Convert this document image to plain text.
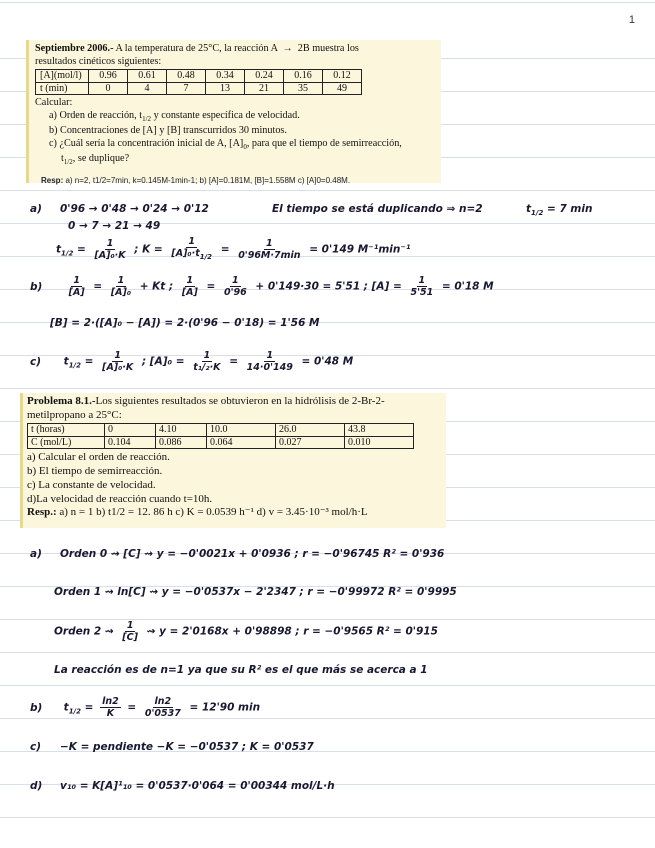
1
Septiembre 2006.- A la temperatura de 25°C, la reacción A → 2B muestra los
resultados cinéticos siguientes:
[A](mol/l)	0.96	0.61	0.48	0.34	0.24	0.16	0.12
t (min)	0	4	7	13	21	35	49
Calcular:
a) Orden de reacción, $t_{1/2}$ y constante específica de velocidad.
b) Concentraciones de [A] y [B] transcurridos 30 minutos.
c) ¿Cuál sería la concentración inicial de A, $[A]_0$, para que el tiempo de semirreacción,
$t_{1/2}$, se duplique?
Resp: a) n=2, t1/2=7min, k=0.145M-1min-1; b) [A]=0.181M, [B]=1.558M c) [A]0=0.48M.
a) 0'96 → 0'48 → 0'24 → 0'12	El tiempo se está duplicando ⇒ n=2	$t_{1/2} = 7$ min
0 → 7 → 21 → 49
$t_{1/2} = \frac{1}{\text{[A]₀·K}}$ ; $K = \frac{1}{[A]_0\cdot t_{1/2}} = \frac{1}{0'96M\cdot 7\min} = 0'149$ M⁻¹min⁻¹
b)	$\frac{1}{[A]} = \frac{1}{\text{[A]₀}} + Kt$ ; $\frac{1}{[A]} = \frac{1}{0'96} + 0'149\cdot 30 = 5'51$ ; $[A] = \frac{1}{5'51} = 0'18$ M
[B] = 2·([A]₀ − [A]) = 2·(0'96 − 0'18) = 1'56 M
c) $t_{1/2} = \frac{1}{\text{[A]₀·K}}$ ; $[A]_0 = \frac{1}{\text{t₁/₂·K}} = \frac{1}{14\cdot 0'149} = 0'48$ M
Problema 8.1.-Los siguientes resultados se obtuvieron en la hidrólisis de 2-Br-2-
metilpropano a 25°C:
t (horas)	0	4.10	10.0	26.0	43.8
C (mol/L)	0.104	0.086	0.064	0.027	0.010
a) Calcular el orden de reacción.
b) El tiempo de semirreacción.
c) La constante de velocidad.
d)La velocidad de reacción cuando t=10h.
Resp.: a) n = 1 b) t1/2 = 12. 86 h c) K = 0.0539 h⁻¹ d) v = 3.45·10⁻³ mol/h·L
a) Orden 0 ⇝ [C] ⇝ y = −0'0021x + 0'0936 ; r = −0'96745 R² = 0'936
Orden 1 ⇝ ln[C] ⇝ y = −0'0537x − 2'2347 ; r = −0'99972 R² = 0'9995
Orden 2 ⇝ $\frac{1}{[C]}$ ⇝ y = 2'0168x + 0'98898 ; r = −0'9565 R² = 0'915
La reacción es de n=1 ya que su R² es el que más se acerca a 1
b) $t_{1/2} = \frac{\ln 2}{K} = \frac{\ln 2}{0'0537} = 12'90$ min
c) −K = pendiente −K = −0'0537 ; K = 0'0537
d) v₁₀ = K[A]¹₁₀ = 0'0537·0'064 = 0'00344 mol/L·h
